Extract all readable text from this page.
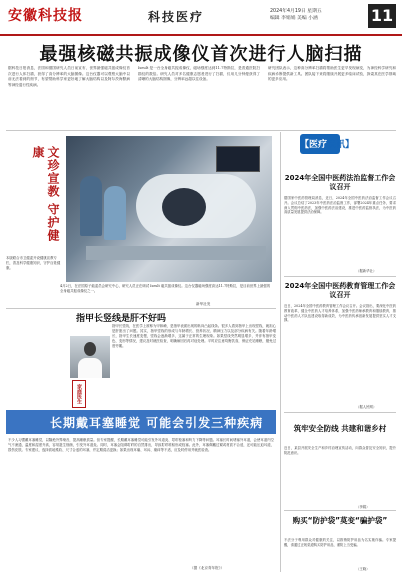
安徽科技报	科技医疗	2024年4月19日 星期五
编辑 李娟娟 美编 小涵	11
最强核磁共振成像仪首次进行人脑扫描
据科技日报消息，法国和德国研究人员日前宣布，世界最强磁共振成像仪首次进行人体扫描，获得了高分辨率的大脑图像。这台仪器可以观察大脑中以前无法看到的细节，有望帮助科学家更好地了解大脑结构以及阿尔茨海默病等神经退行性疾病。
Iseult 是一台全身磁共振成像仪，磁场强度达到11.7特斯拉，是普通医院扫描仪的数倍。研究人员对多名健康志愿者进行了扫描，仅用几分钟便获得了清晰的大脑结构图像，分辨率远超以往设备。
研究团队表示，这种高分辨率扫描将帮助医生更早发现病变，为神经科学研究和疾病诊断提供新工具。团队接下来将继续开展更多临床试验，探索其在医学领域的更多应用。
文珍宣教 守护健康
本版联合市卫健委开设健康宣教专栏，普及科学健康知识，守护百姓健康。
4月2日，在法国原子能委员会研究中心，研究人员正在调试 Iseult 磁共振成像仪。这台仪器磁场强度高达11.7特斯拉，是目前世界上最强的全身磁共振成像仪之一。
新华社发
指甲长竖线是肝不好吗
家庭医生
指甲长竖线，在医学上被称为甲纵嵴，是指甲表面出现的纵向凸起线条。很多人看到指甲上出现竖线，就担心是肝脏出了问题。其实，指甲竖线的形成与年龄增长、营养状况、精神压力以及部分疾病有关。随着年龄增长，指甲生长速度变慢，竖线会逐渐增多，这属于正常的生理现象。如果竖线突然明显增多，并伴有指甲变色、变形等情况，建议及时就医检查，明确病因后再对症处理。平时应注意均衡饮食，保证充足睡眠，避免过度劳累。
长期戴耳塞睡觉 可能会引发三种疾病
不少人习惯戴耳塞睡觉，以隔绝外界噪音，提高睡眠质量。但专家提醒，长期戴耳塞睡觉可能引发外耳道炎、耵聍栓塞和听力下降等问题。耳塞长时间堵塞外耳道，会使耳道内空气不流通，温度和湿度升高，容易滋生细菌，引发外耳道炎。同时，耳塞会阻碍耵聍的自然排出，导致耵聍堆积形成栓塞。此外，耳塞佩戴过紧或材质不合适，还可能压迫耳道，损伤皮肤。专家建议，选择质地柔软、尺寸合适的耳塞，并定期清洁更换；如果出现耳痛、耳闷、瘙痒等不适，应及时停用并就医检查。
（据《北京青年报》）
【医疗快讯】
2024年全国中医药法治监督工作会议召开
据国家中医药管理局消息，近日，2024年全国中医药法治监督工作会议召开。会议总结了2023年中医药法治监督工作，部署2024年重点任务，要求深入贯彻中医药法，加强中医药法治建设，推进中医药监督执法，为中医药高质量发展提供法治保障。
（据新华社）
2024年全国中医药教育管理工作会议召开
近日，2024年全国中医药教育管理工作会议召开。会议指出，要深化中医药教育改革，健全中医药人才培养体系，加强中医药师承教育和继续教育，推动中医药人才队伍建设取得新成效，为中医药传承创新发展提供坚实人才支撑。
（据人民网）
筑牢安全防线 共建和谐乡村
近日，某县开展安全生产和乡村治理宣传活动，向群众普及安全知识，提升防范意识。
（李娟）
购买“防护袋”莫变“骗护袋”
不法分子利用群众对健康的关注，以推销防护用品为名实施诈骗。专家提醒，请通过正规渠道购买防护用品，谨防上当受骗。
（王晓）
